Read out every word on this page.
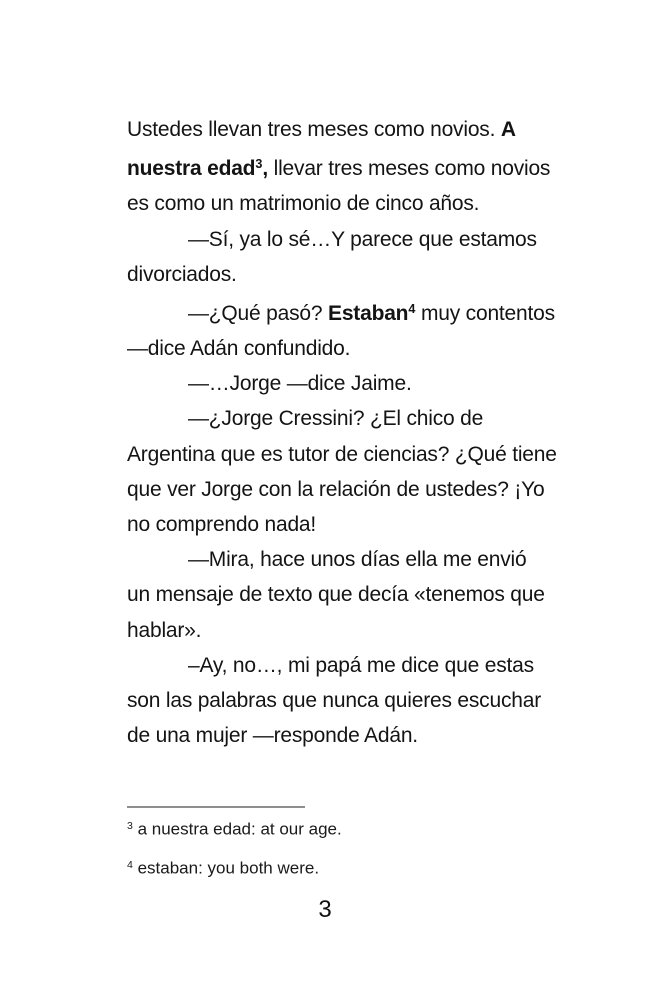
Ustedes llevan tres meses como novios. A
nuestra edad$^3$, llevar tres meses como novios
es como un matrimonio de cinco años.
—Sí, ya lo sé…Y parece que estamos
divorciados.
—¿Qué pasó? Estaban$^4$ muy contentos
—dice Adán confundido.
—…Jorge —dice Jaime.
—¿Jorge Cressini? ¿El chico de
Argentina que es tutor de ciencias? ¿Qué tiene
que ver Jorge con la relación de ustedes? ¡Yo
no comprendo nada!
—Mira, hace unos días ella me envió
un mensaje de texto que decía «tenemos que
hablar».
–Ay, no…, mi papá me dice que estas
son las palabras que nunca quieres escuchar
de una mujer —responde Adán.
$^3$ a nuestra edad: at our age.
$^4$ estaban: you both were.
3
